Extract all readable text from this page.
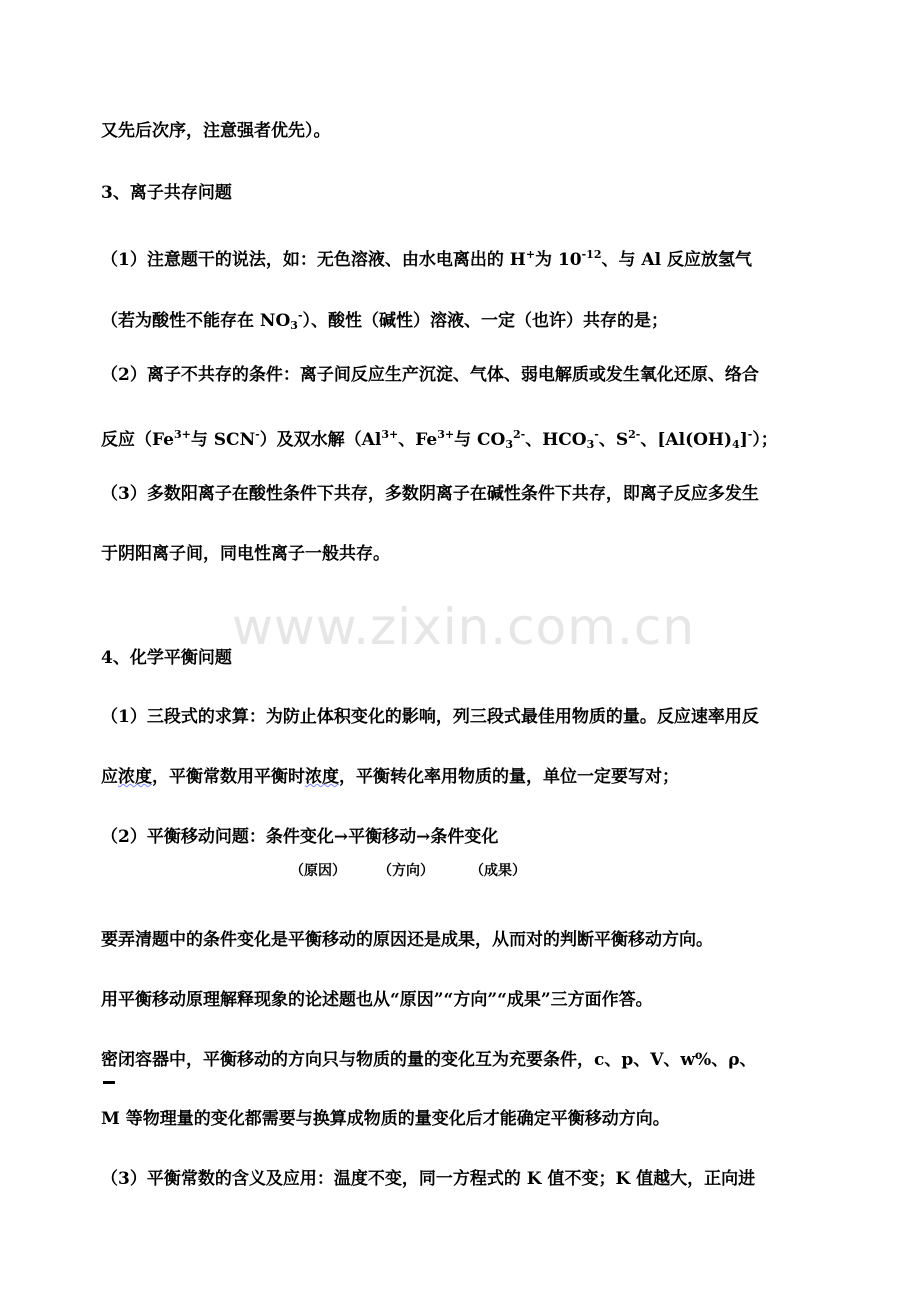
又先后次序，注意强者优先）。
3、离子共存问题
（1）注意题干的说法，如：无色溶液、由水电离出的 H+为 $10^{-12}$、与 Al 反应放氢气
（若为酸性不能存在 $NO_3^-$）、酸性（碱性）溶液、一定（也许）共存的是；
（2）离子不共存的条件：离子间反应生产沉淀、气体、弱电解质或发生氧化还原、络合
反应（$Fe^{3+}$与 SCN-）及双水解（$Al^{3+}$、$Fe^{3+}$与 $CO_3^{2-}$、$HCO_3^-$、$S^{2-}$、$[Al(OH)_4]^-$）；
（3）多数阳离子在酸性条件下共存，多数阴离子在碱性条件下共存，即离子反应多发生
于阴阳离子间，同电性离子一般共存。
www.zixin.com.cn
4、化学平衡问题
（1）三段式的求算：为防止体积变化的影响，列三段式最佳用物质的量。反应速率用反
应浓度，平衡常数用平衡时浓度，平衡转化率用物质的量，单位一定要写对；
（2）平衡移动问题：条件变化→平衡移动→条件变化
（原因） （方向）	（成果）
要弄清题中的条件变化是平衡移动的原因还是成果，从而对的判断平衡移动方向。
用平衡移动原理解释现象的论述题也从“原因”“方向”“成果”三方面作答。
密闭容器中，平衡移动的方向只与物质的量的变化互为充要条件，c、p、V、w%、ρ、
M 等物理量的变化都需要与换算成物质的量变化后才能确定平衡移动方向。
（3）平衡常数的含义及应用：温度不变，同一方程式的 K 值不变；K 值越大，正向进
